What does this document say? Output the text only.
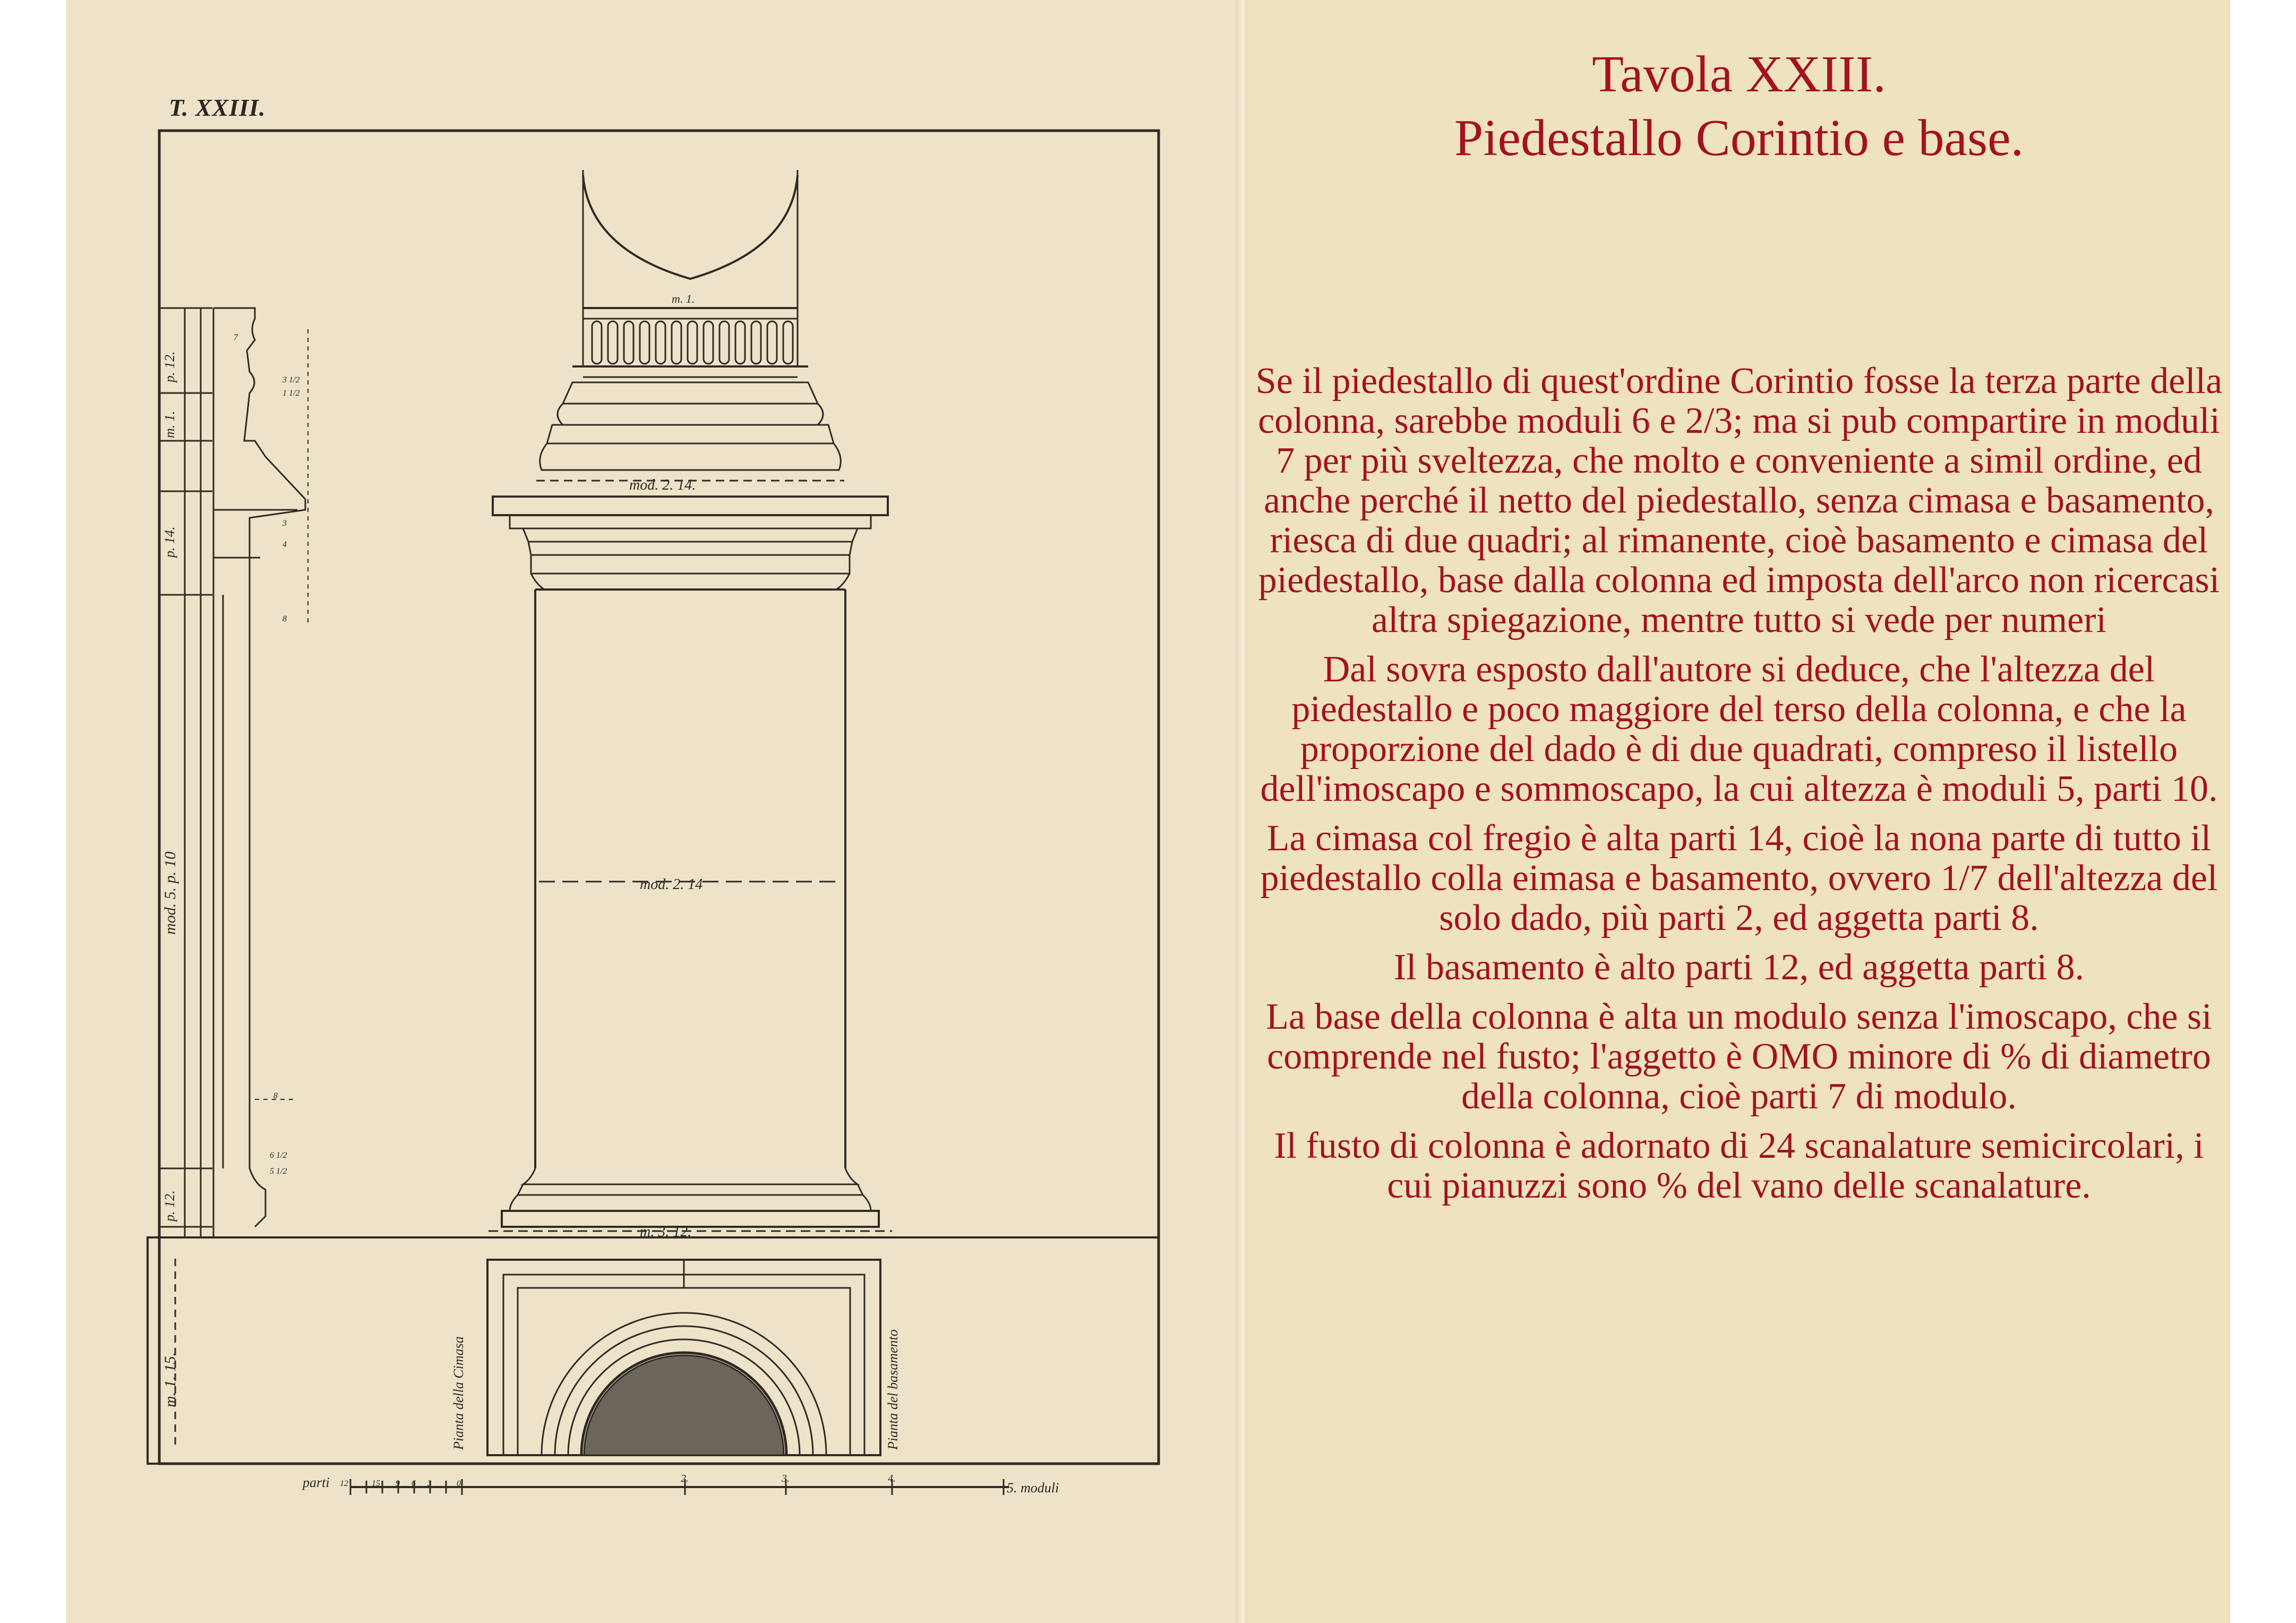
T. XXIII.
m. 1.
mod. 2. 14.
mod. 2. 14
m. 3. 12.
Pianta della Cimasa	Pianta del basamento
p. 12.
m. 1.
p. 14.
mod. 5. p. 10
p. 12.
m. 1. 15.
parti	5. moduli
2.	3.	4.
12	15 9 6 3	0
7
3 1/2
1 1/2
3
4
8
8
6 1/2
5 1/2
Tavola XXIII.
Piedestallo Corintio e base.

Se il piedestallo di quest'ordine Corintio fosse la terza parte della colonna, sarebbe moduli 6 e 2/3; ma si pub compartire in moduli 7 per più sveltezza, che molto e conveniente a simil ordine, ed anche perché il netto del piedestallo, senza cimasa e basamento, riesca di due quadri; al rimanente, cioè basamento e cimasa del piedestallo, base dalla colonna ed imposta dell'arco non ricercasi altra spiegazione, mentre tutto si vede per numeri

Dal sovra esposto dall'autore si deduce, che l'altezza del piedestallo e poco maggiore del terso della colonna, e che la proporzione del dado è di due quadrati, compreso il listello dell'imoscapo e sommoscapo, la cui altezza è moduli 5, parti 10.

La cimasa col fregio è alta parti 14, cioè la nona parte di tutto il piedestallo colla eimasa e basamento, ovvero 1/7 dell'altezza del solo dado, più parti 2, ed aggetta parti 8.

Il basamento è alto parti 12, ed aggetta parti 8.

La base della colonna è alta un modulo senza l'imoscapo, che si comprende nel fusto; l'aggetto è OMO minore di % di diametro della colonna, cioè parti 7 di modulo.

Il fusto di colonna è adornato di 24 scanalature semicircolari, i cui pianuzzi sono % del vano delle scanalature.
